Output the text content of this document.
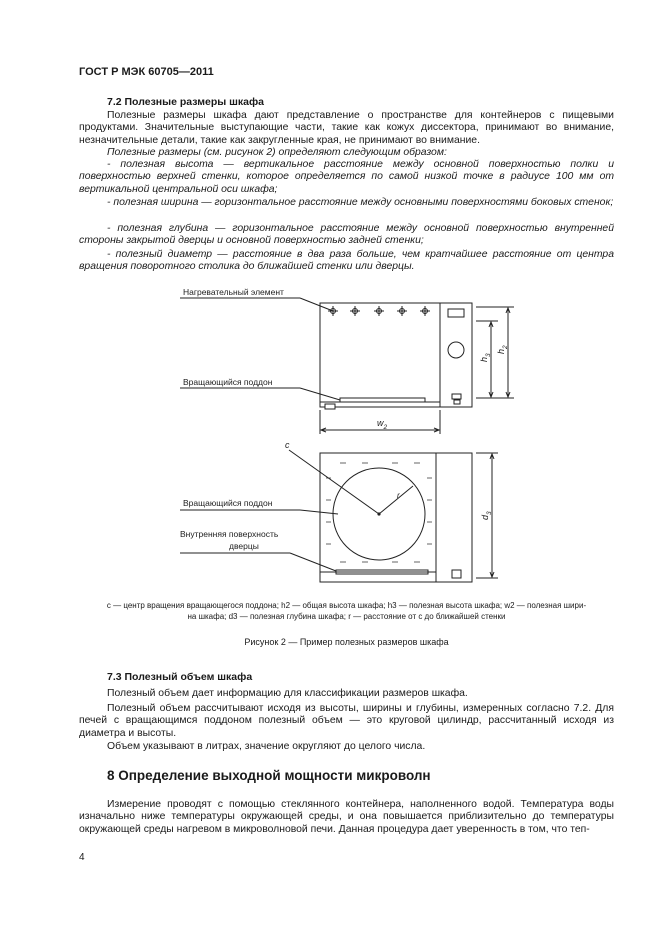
ГОСТ Р МЭК 60705—2011
7.2 Полезные размеры шкафа

Полезные размеры шкафа дают представление о пространстве для контейнеров с пищевыми продуктами. Значительные выступающие части, такие как кожух диссектора, принимают во внимание, незначительные детали, такие как закругленные края, не принимают во внимание.

Полезные размеры (см. рисунок 2) определяют следующим образом:

- полезная высота — вертикальное расстояние между основной поверхностью полки и поверхностью верхней стенки, которое определяется по самой низкой точке в радиусе 100 мм от вертикальной центральной оси шкафа;

- полезная ширина — горизонтальное расстояние между основными поверхностями боковых стенок;

- полезная глубина — горизонтальное расстояние между основной поверхностью внутренней стороны закрытой дверцы и основной поверхностью задней стенки;

- полезный диаметр — расстояние в два раза больше, чем кратчайшее расстояние от центра вращения поворотного столика до ближайшей стенки или дверцы.

Нагревательный элемент
Вращающийся поддон
$w_2$
$h_3$
$h_2$
c
r
Вращающийся поддон
Внутренняя поверхность
дверцы
$d_3$
c — центр вращения вращающегося поддона; h2 — общая высота шкафа; h3 — полезная высота шкафа; w2 — полезная шири-
на шкафа; d3 — полезная глубина шкафа; r — расстояние от c до ближайшей стенки
Рисунок 2 — Пример полезных размеров шкафа
7.3 Полезный объем шкафа

Полезный объем дает информацию для классификации размеров шкафа.

Полезный объем рассчитывают исходя из высоты, ширины и глубины, измеренных согласно 7.2. Для печей с вращающимся поддоном полезный объем — это круговой цилиндр, рассчитанный исходя из диаметра и высоты.

Объем указывают в литрах, значение округляют до целого числа.

8 Определение выходной мощности микроволн

Измерение проводят с помощью стеклянного контейнера, наполненного водой. Температура воды изначально ниже температуры окружающей среды, и она повышается приблизительно до температуры окружающей среды нагревом в микроволновой печи. Данная процедура дает уверенность в том, что теп-

4
